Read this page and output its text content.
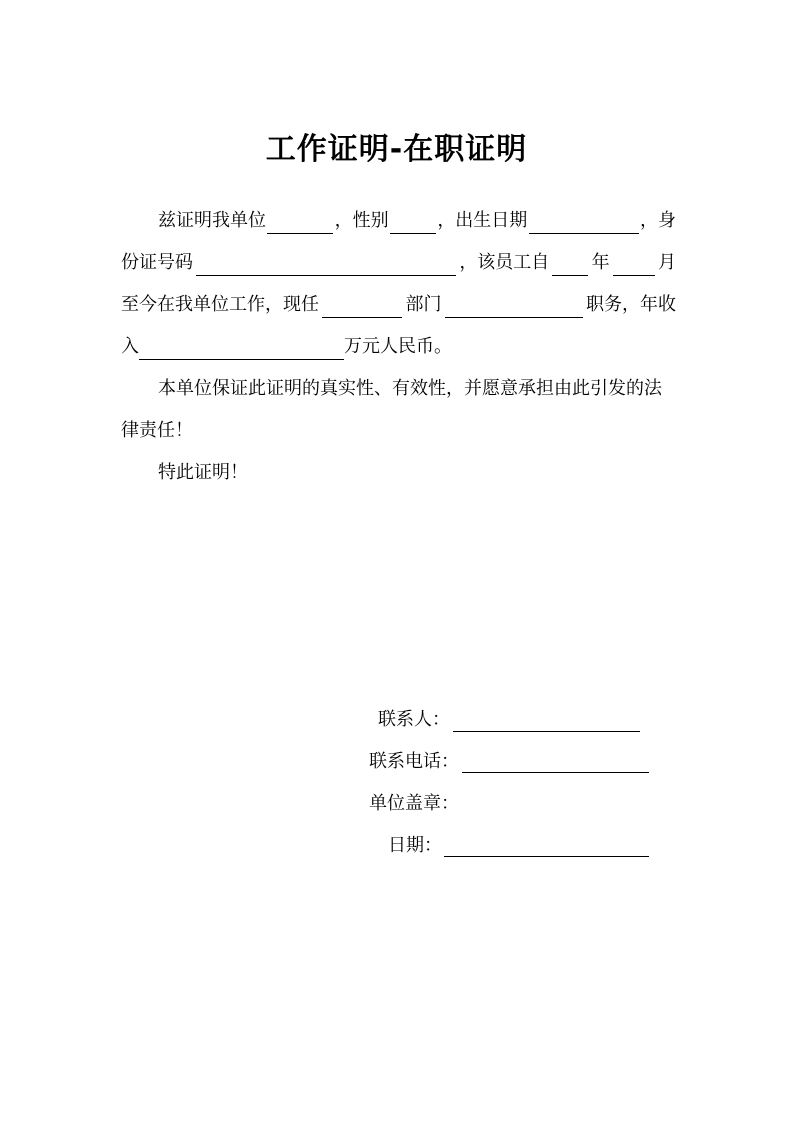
工作证明-在职证明
兹证明我单位	，性别	，出生日期	，身
份证号码	，该员工自 年	月
至今在我单位工作，现任	部门	职务，年收
入	万元人民币。
本单位保证此证明的真实性、有效性，并愿意承担由此引发的法
律责任！
特此证明！
联系人：
联系电话：
单位盖章：
日期：
